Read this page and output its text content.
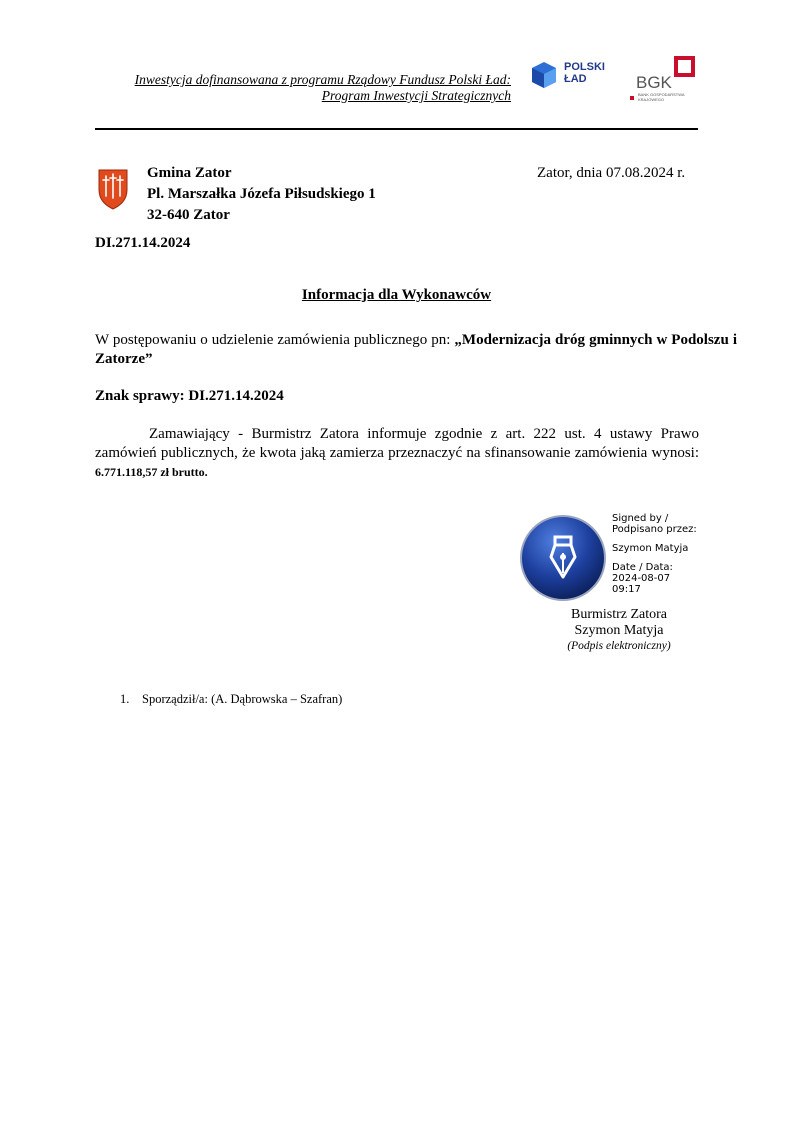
Inwestycja dofinansowana z programu Rządowy Fundusz Polski Ład:
Program Inwestycji Strategicznych
POLSKI
ŁAD	BGK
BANK GOSPODARSTWA
KRAJOWEGO
Gmina Zator
Pl. Marszałka Józefa Piłsudskiego 1
32-640 Zator
Zator, dnia 07.08.2024 r.
DI.271.14.2024
Informacja dla Wykonawców
W postępowaniu o udzielenie zamówienia publicznego pn: „Modernizacja dróg gminnych w Podolszu i Zatorze”
Znak sprawy: DI.271.14.2024
Zamawiający - Burmistrz Zatora informuje zgodnie z art. 222 ust. 4 ustawy Prawo zamówień publicznych, że kwota jaką zamierza przeznaczyć na sfinansowanie zamówienia wynosi: 6.771.118,57 zł brutto.
Signed by /
Podpisano przez:
Szymon Matyja
Date / Data:
2024-08-07
09:17
Burmistrz Zatora
Szymon Matyja
(Podpis elektroniczny)
1. Sporządził/a: (A. Dąbrowska – Szafran)
